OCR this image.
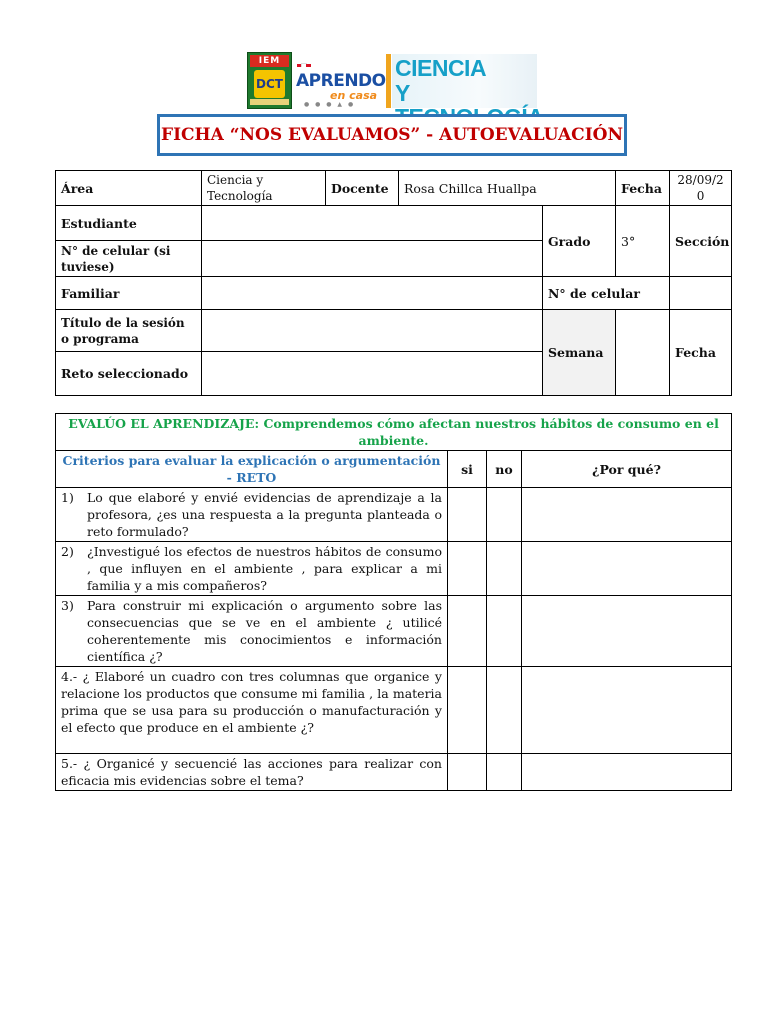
IEM
DCT APRENDO
en casa
● ● ● ▲ ●
CIENCIA
Y
FICHA “NOS EVALUAMOS” - AUTOEVALUACIÓN
Área	Ciencia y Tecnología	Docente	Rosa Chillca Huallpa		Fecha	28/09/20	
Estudiante				Grado	3°	Sección	
N° de celular (si tuviese)							
Familiar				N° de celular			
Título de la sesión o programa				Semana		Fecha	
Reto seleccionado							
EVALÚO EL APRENDIZAJE: Comprendemos cómo afectan nuestros hábitos de consumo en el ambiente.			
Criterios para evaluar la explicación o argumentación - RETO	si	no	¿Por qué?

1) Lo que elaboré y envié evidencias de aprendizaje a la profesora, ¿es una respuesta a la pregunta planteada o reto formulado?			

2) ¿Investigué los efectos de nuestros hábitos de consumo , que influyen en el ambiente , para explicar a mi familia y a mis compañeros?			

3) Para construir mi explicación o argumento sobre las consecuencias que se ve en el ambiente ¿ utilicé coherentemente mis conocimientos e información científica ¿?			

4.- ¿ Elaboré un cuadro con tres columnas que organice y relacione los productos que consume mi familia , la materia prima que se usa para su producción o manufacturación y el efecto que produce en el ambiente ¿?			
5.- ¿ Organicé y secuencié las acciones para realizar con eficacia mis evidencias sobre el tema?			
